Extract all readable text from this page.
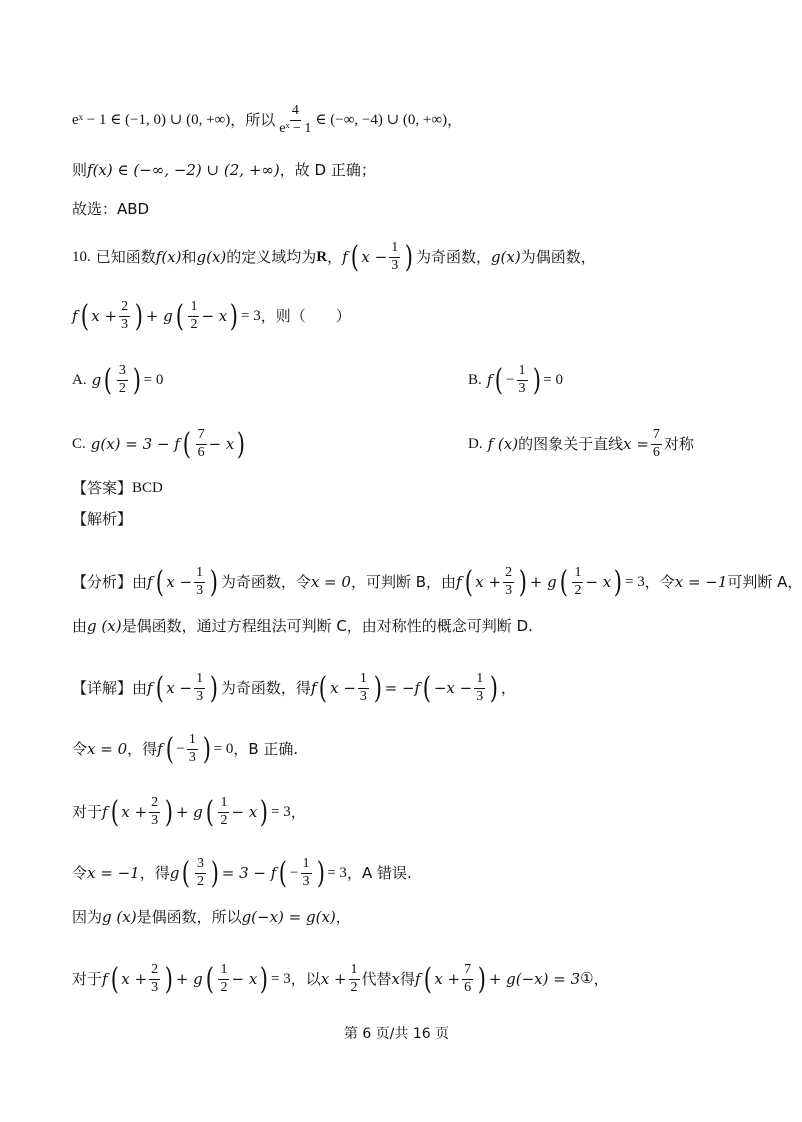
eˣ − 1 ∈ (−1, 0) ∪ (0, +∞) ，所以 $\frac{4}{\text{eˣ − 1}}$ ∈ (−∞, −4) ∪ (0, +∞) ，
则 f(x) ∈ (−∞, −2) ∪ (2, +∞) ，故 D 正确；
故选：ABD
10. 已知函数 f(x) 和 g(x) 的定义域均为 R ， f ( $x - \frac{1}{3}$ ) 为奇函数， g(x) 为偶函数，
f ( $x + \frac{2}{3}$ ) + g ( $\frac{1}{2} - x$ ) = 3 ，则（　　）
A. g ( $\frac{3}{2}$ ) = 0	B. f ( − $\frac{1}{3}$ ) = 0
C. g(x) = 3 − f ( $\frac{7}{6} - x$ )	D. f (x) 的图象关于直线 $x = \frac{7}{6}$ 对称
【答案】 BCD
【解析】
【分析】由 f ( $x - \frac{1}{3}$ ) 为奇函数，令 x = 0 ，可判断 B，由 f ( $x + \frac{2}{3}$ ) + g ( $\frac{1}{2} - x$ ) = 3 ，令 x = −1 可判断 A，
由 g (x) 是偶函数，通过方程组法可判断 C，由对称性的概念可判断 D.
【详解】由 f ( $x - \frac{1}{3}$ ) 为奇函数，得 f ( $x - \frac{1}{3}$ ) = −f ( $-x - \frac{1}{3}$ ) ，
令 x = 0 ，得 f ( − $\frac{1}{3}$ ) = 0 ，B 正确.
对于 f ( $x + \frac{2}{3}$ ) + g ( $\frac{1}{2} - x$ ) = 3 ，
令 x = −1 ，得 g ( $\frac{3}{2}$ ) = 3 − f ( − $\frac{1}{3}$ ) = 3 ，A 错误.
因为 g (x) 是偶函数，所以 g(−x) = g(x) ，
对于 f ( $x + \frac{2}{3}$ ) + g ( $\frac{1}{2} - x$ ) = 3 ，以 $x + \frac{1}{2}$ 代替 x 得 f ( $x + \frac{7}{6}$ ) + g(−x) = 3 ① ，
第 6 页/共 16 页
